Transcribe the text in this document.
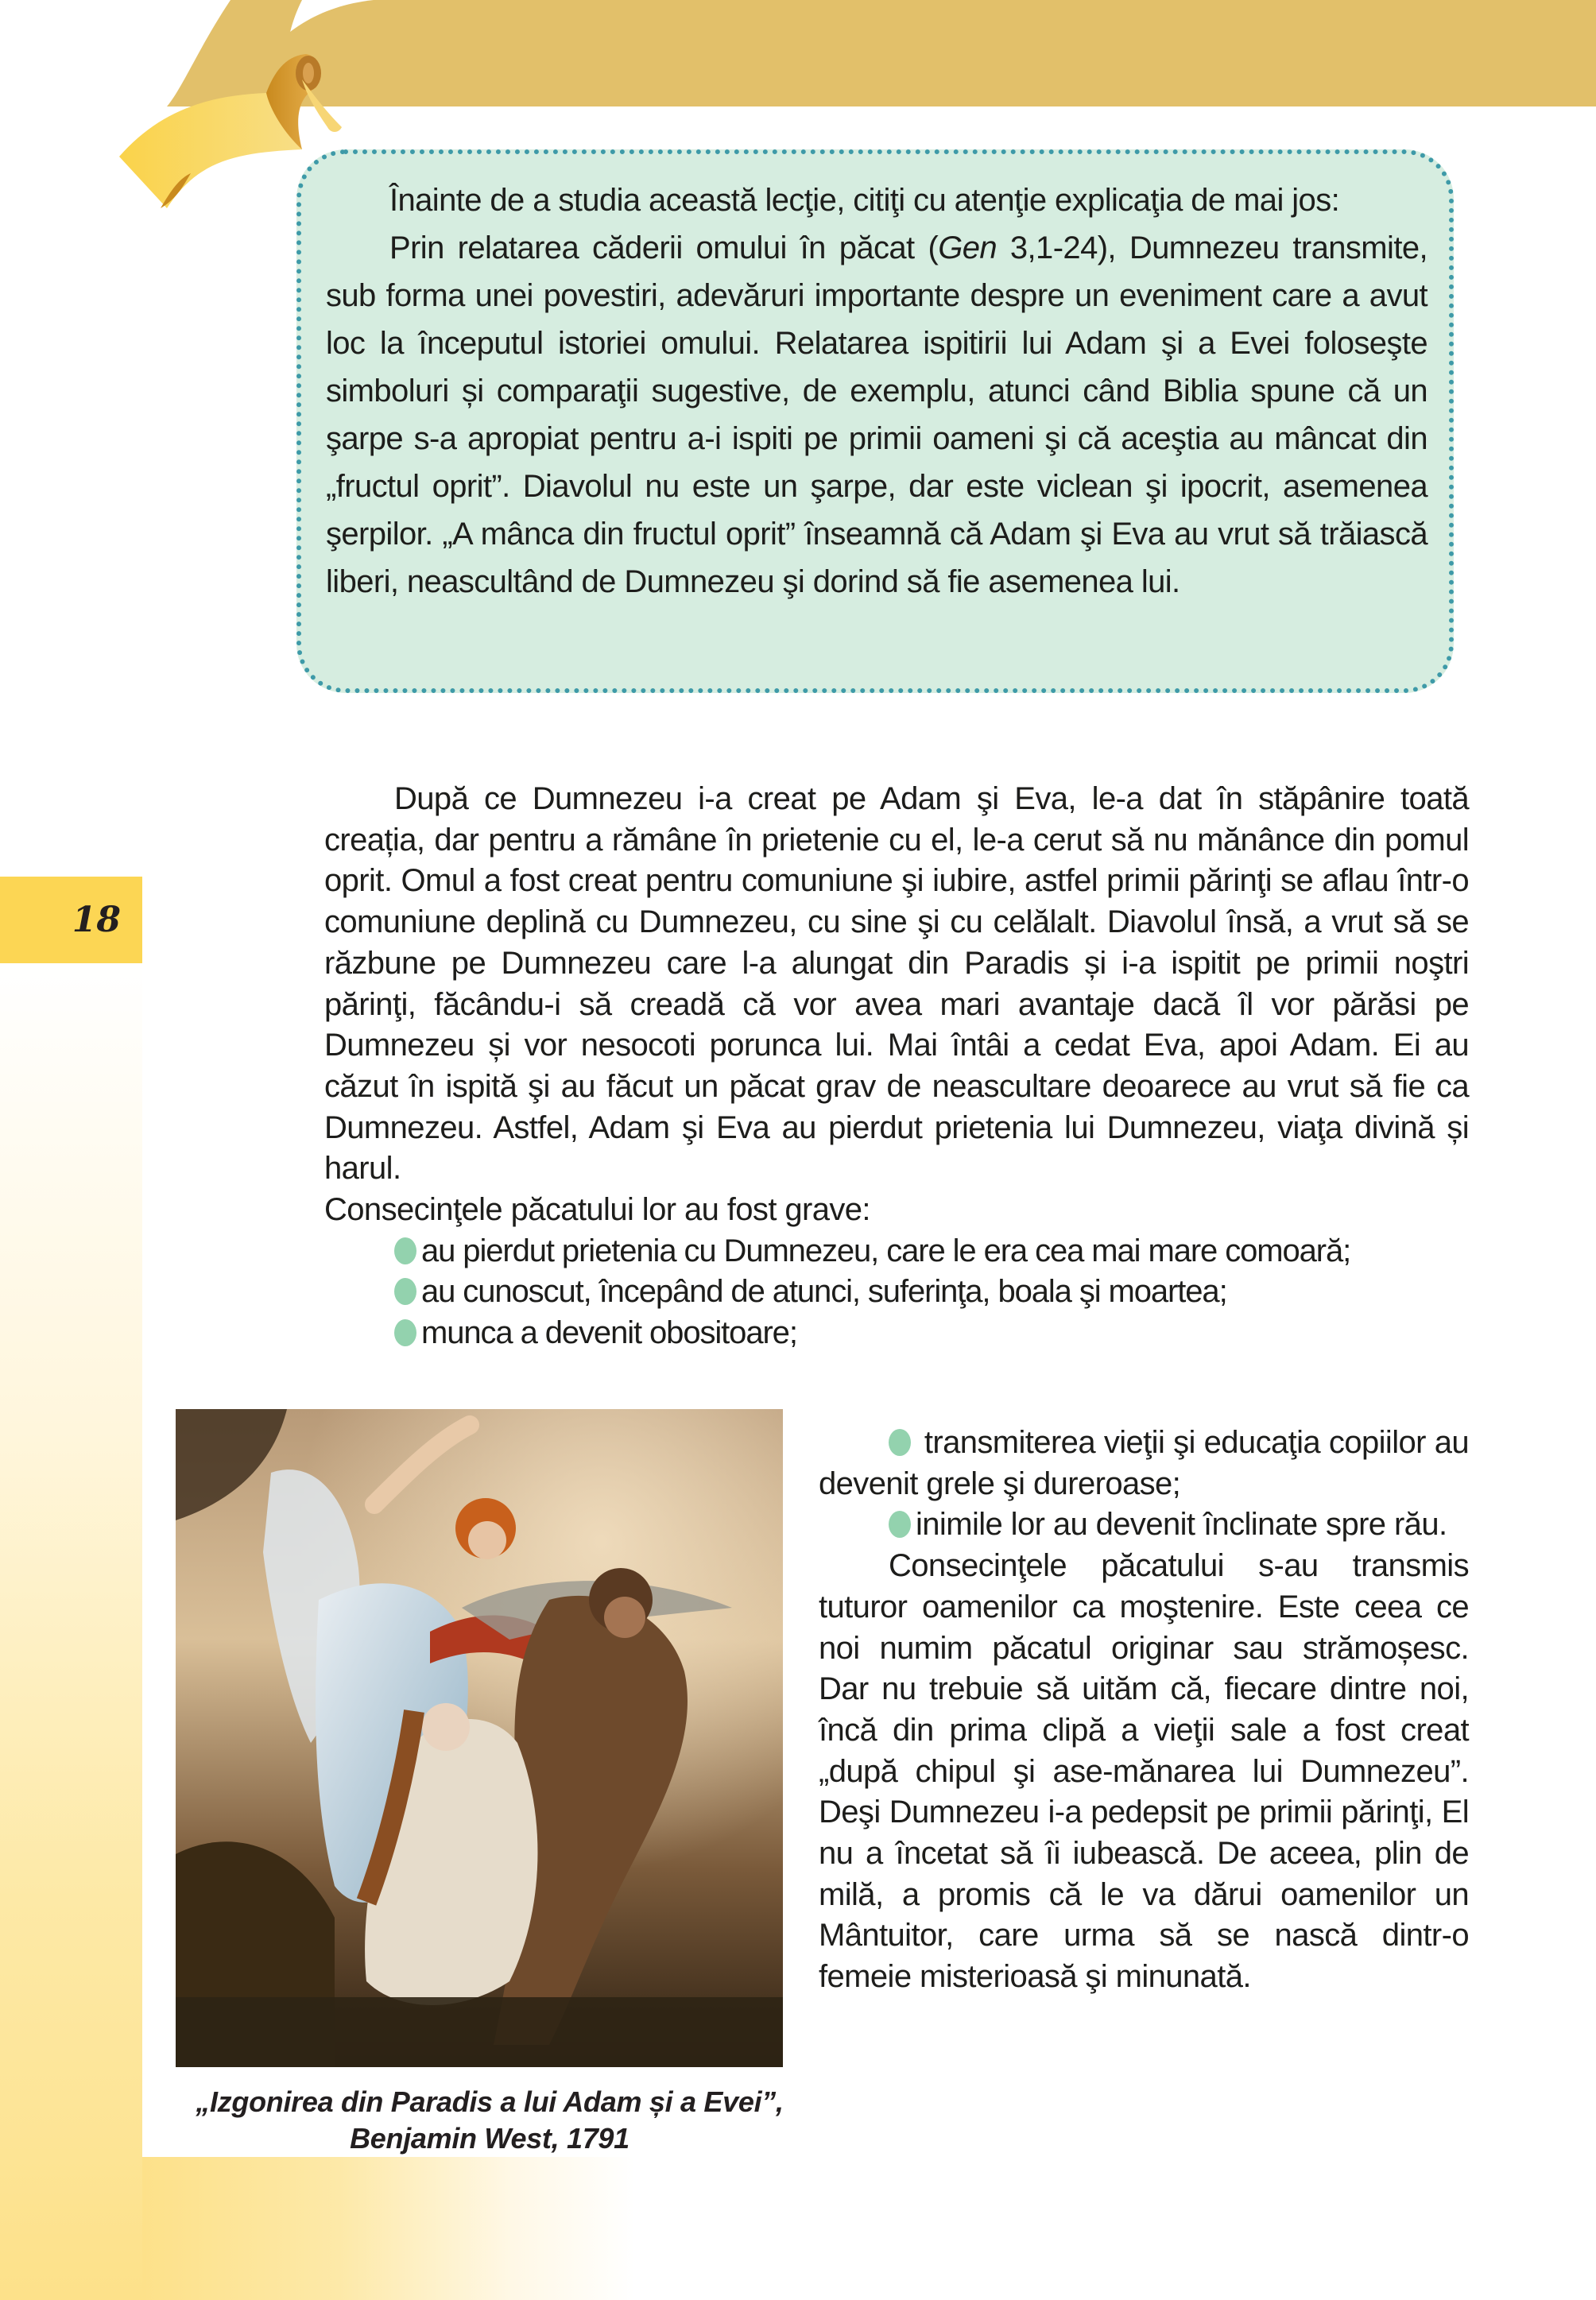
Înainte de a studia această lecţie, citiţi cu atenţie explicaţia de mai jos:

Prin relatarea căderii omului în păcat (Gen 3,1-24), Dumnezeu transmite, sub forma unei povestiri, adevăruri importante despre un eveniment care a avut loc la începutul istoriei omului. Relatarea ispitirii lui Adam şi a Evei foloseşte simboluri și comparaţii sugestive, de exemplu, atunci când Biblia spune că un şarpe s-a apropiat pentru a-i ispiti pe primii oameni şi că aceştia au mâncat din „fructul oprit”. Diavolul nu este un şarpe, dar este viclean şi ipocrit, asemenea şerpilor. „A mânca din fructul oprit” înseamnă că Adam şi Eva au vrut să trăiască liberi, neascultând de Dumnezeu şi dorind să fie asemenea lui.

18

După ce Dumnezeu i-a creat pe Adam şi Eva, le-a dat în stăpânire toată creația, dar pentru a rămâne în prietenie cu el, le-a cerut să nu mănânce din pomul oprit. Omul a fost creat pentru comuniune şi iubire, astfel primii părinţi se aflau într-o comuniune deplină cu Dumnezeu, cu sine şi cu celălalt. Diavolul însă, a vrut să se răzbune pe Dumnezeu care l-a alungat din Paradis și i-a ispitit pe primii noştri părinţi, făcându-i să creadă că vor avea mari avantaje dacă îl vor părăsi pe Dumnezeu și vor nesocoti porunca lui. Mai întâi a cedat Eva, apoi Adam. Ei au căzut în ispită şi au făcut un păcat grav de neascultare deoarece au vrut să fie ca Dumnezeu. Astfel, Adam şi Eva au pierdut prietenia lui Dumnezeu, viaţa divină și harul.

Consecinţele păcatului lor au fost grave:

au pierdut prietenia cu Dumnezeu, care le era cea mai mare comoară;
au cunoscut, începând de atunci, suferinţa, boala şi moartea;
munca a devenit obositoare;
„Izgonirea din Paradis a lui Adam și a Evei”,
Benjamin West, 1791

transmiterea vieţii şi educaţia copiilor au devenit grele şi dureroase;

inimile lor au devenit înclinate spre rău.

Consecinţele păcatului s-au transmis tuturor oamenilor ca moştenire. Este ceea ce noi numim păcatul originar sau strămoșesc. Dar nu trebuie să uităm că, fiecare dintre noi, încă din prima clipă a vieţii sale a fost creat „după chipul şi ase-mănarea lui Dumnezeu”. Deşi Dumnezeu i-a pedepsit pe primii părinţi, El nu a încetat să îi iubească. De aceea, plin de milă, a promis că le va dărui oamenilor un Mântuitor, care urma să se nască dintr-o femeie misterioasă şi minunată.
